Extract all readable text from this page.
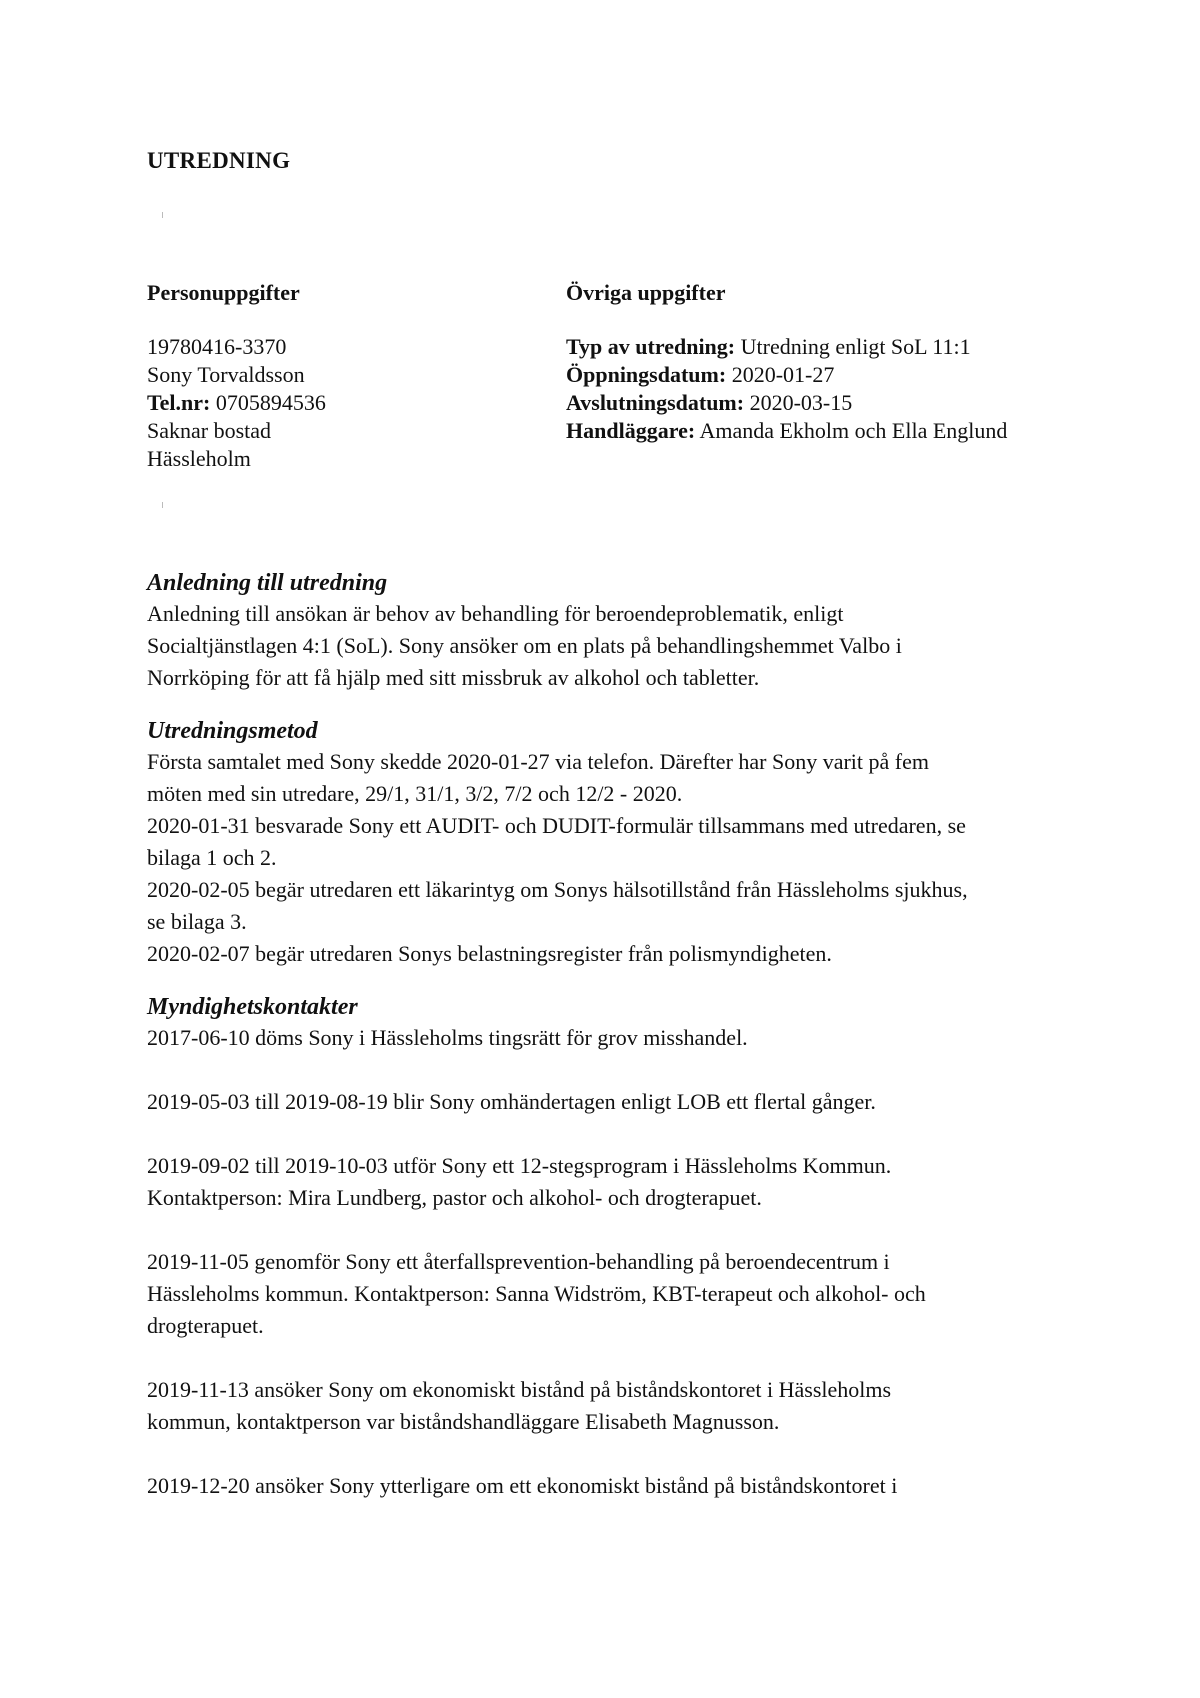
UTREDNING
Personuppgifter
19780416-3370
Sony Torvaldsson
Tel.nr: 0705894536
Saknar bostad
Hässleholm
Övriga uppgifter
Typ av utredning: Utredning enligt SoL 11:1
Öppningsdatum: 2020-01-27
Avslutningsdatum: 2020-03-15
Handläggare: Amanda Ekholm och Ella Englund
Anledning till utredning

Anledning till ansökan är behov av behandling för beroendeproblematik, enligt

Socialtjänstlagen 4:1 (SoL). Sony ansöker om en plats på behandlingshemmet Valbo i

Norrköping för att få hjälp med sitt missbruk av alkohol och tabletter.

Utredningsmetod

Första samtalet med Sony skedde 2020-01-27 via telefon. Därefter har Sony varit på fem

möten med sin utredare, 29/1, 31/1, 3/2, 7/2 och 12/2 - 2020.

2020-01-31 besvarade Sony ett AUDIT- och DUDIT-formulär tillsammans med utredaren, se

bilaga 1 och 2.

2020-02-05 begär utredaren ett läkarintyg om Sonys hälsotillstånd från Hässleholms sjukhus,

se bilaga 3.

2020-02-07 begär utredaren Sonys belastningsregister från polismyndigheten.

Myndighetskontakter

2017-06-10 döms Sony i Hässleholms tingsrätt för grov misshandel.

2019-05-03 till 2019-08-19 blir Sony omhändertagen enligt LOB ett flertal gånger.

2019-09-02 till 2019-10-03 utför Sony ett 12-stegsprogram i Hässleholms Kommun.

Kontaktperson: Mira Lundberg, pastor och alkohol- och drogterapuet.

2019-11-05 genomför Sony ett återfallsprevention-behandling på beroendecentrum i

Hässleholms kommun. Kontaktperson: Sanna Widström, KBT-terapeut och alkohol- och

drogterapuet.

2019-11-13 ansöker Sony om ekonomiskt bistånd på biståndskontoret i Hässleholms

kommun, kontaktperson var biståndshandläggare Elisabeth Magnusson.

2019-12-20 ansöker Sony ytterligare om ett ekonomiskt bistånd på biståndskontoret i
